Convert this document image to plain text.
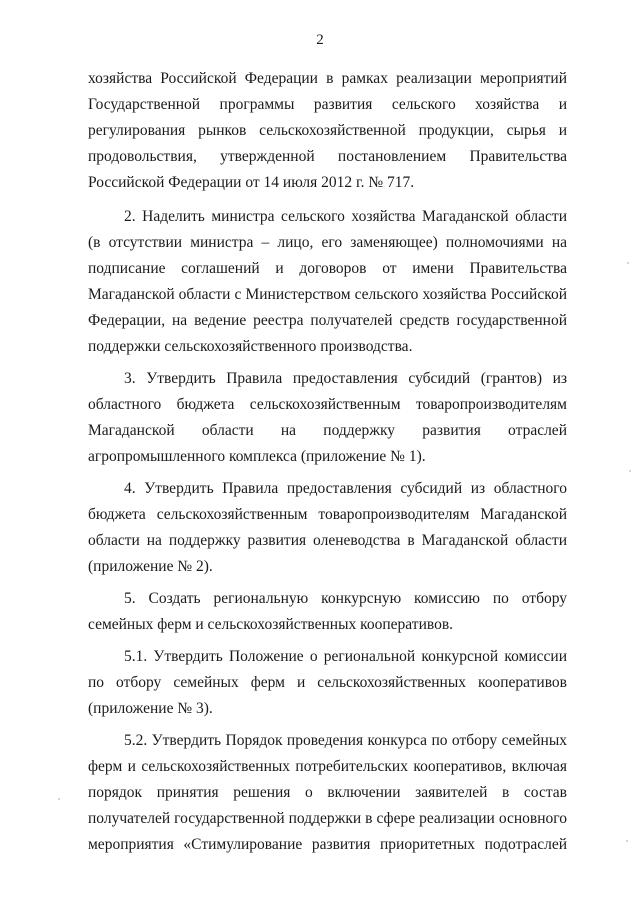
2

хозяйства Российской Федерации в рамках реализации мероприятий Государственной программы развития сельского хозяйства и регулирования рынков сельскохозяйственной продукции, сырья и продовольствия, утвержденной постановлением Правительства Российской Федерации от 14 июля 2012 г. № 717.

2. Наделить министра сельского хозяйства Магаданской области (в отсутствии министра – лицо, его заменяющее) полномочиями на подписание соглашений и договоров от имени Правительства Магаданской области с Министерством сельского хозяйства Российской Федерации, на ведение реестра получателей средств государственной поддержки сельскохозяйственного производства.

3. Утвердить Правила предоставления субсидий (грантов) из областного бюджета сельскохозяйственным товаропроизводителям Магаданской области на поддержку развития отраслей агропромышленного комплекса (приложение № 1).

4. Утвердить Правила предоставления субсидий из областного бюджета сельскохозяйственным товаропроизводителям Магаданской области на поддержку развития оленеводства в Магаданской области (приложение № 2).

5. Создать региональную конкурсную комиссию по отбору семейных ферм и сельскохозяйственных кооперативов.

5.1. Утвердить Положение о региональной конкурсной комиссии по отбору семейных ферм и сельскохозяйственных кооперативов (приложение № 3).

5.2. Утвердить Порядок проведения конкурса по отбору семейных ферм и сельскохозяйственных потребительских кооперативов, включая порядок принятия решения о включении заявителей в состав получателей государственной поддержки в сфере реализации основного мероприятия «Стимулирование развития приоритетных подотраслей
